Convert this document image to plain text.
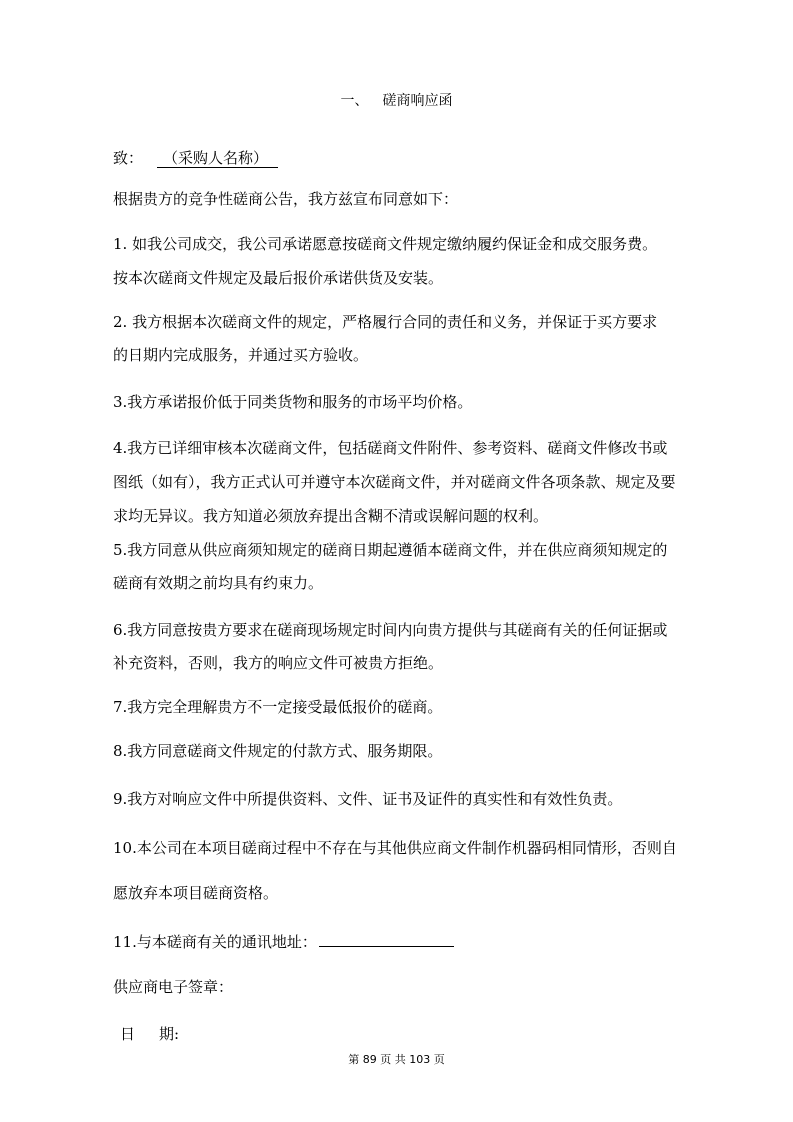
一、 磋商响应函
致： （采购人名称）
根据贵方的竞争性磋商公告，我方兹宣布同意如下：
1. 如我公司成交，我公司承诺愿意按磋商文件规定缴纳履约保证金和成交服务费。
按本次磋商文件规定及最后报价承诺供货及安装。
2. 我方根据本次磋商文件的规定，严格履行合同的责任和义务，并保证于买方要求
的日期内完成服务，并通过买方验收。
3.我方承诺报价低于同类货物和服务的市场平均价格。
4.我方已详细审核本次磋商文件，包括磋商文件附件、参考资料、磋商文件修改书或
图纸（如有），我方正式认可并遵守本次磋商文件，并对磋商文件各项条款、规定及要
求均无异议。我方知道必须放弃提出含糊不清或误解问题的权利。
5.我方同意从供应商须知规定的磋商日期起遵循本磋商文件，并在供应商须知规定的
磋商有效期之前均具有约束力。
6.我方同意按贵方要求在磋商现场规定时间内向贵方提供与其磋商有关的任何证据或
补充资料，否则，我方的响应文件可被贵方拒绝。
7.我方完全理解贵方不一定接受最低报价的磋商。
8.我方同意磋商文件规定的付款方式、服务期限。
9.我方对响应文件中所提供资料、文件、证书及证件的真实性和有效性负责。
10.本公司在本项目磋商过程中不存在与其他供应商文件制作机器码相同情形，否则自
愿放弃本项目磋商资格。
11.与本磋商有关的通讯地址：
供应商电子签章：
日 期:
第 89 页 共 103 页
